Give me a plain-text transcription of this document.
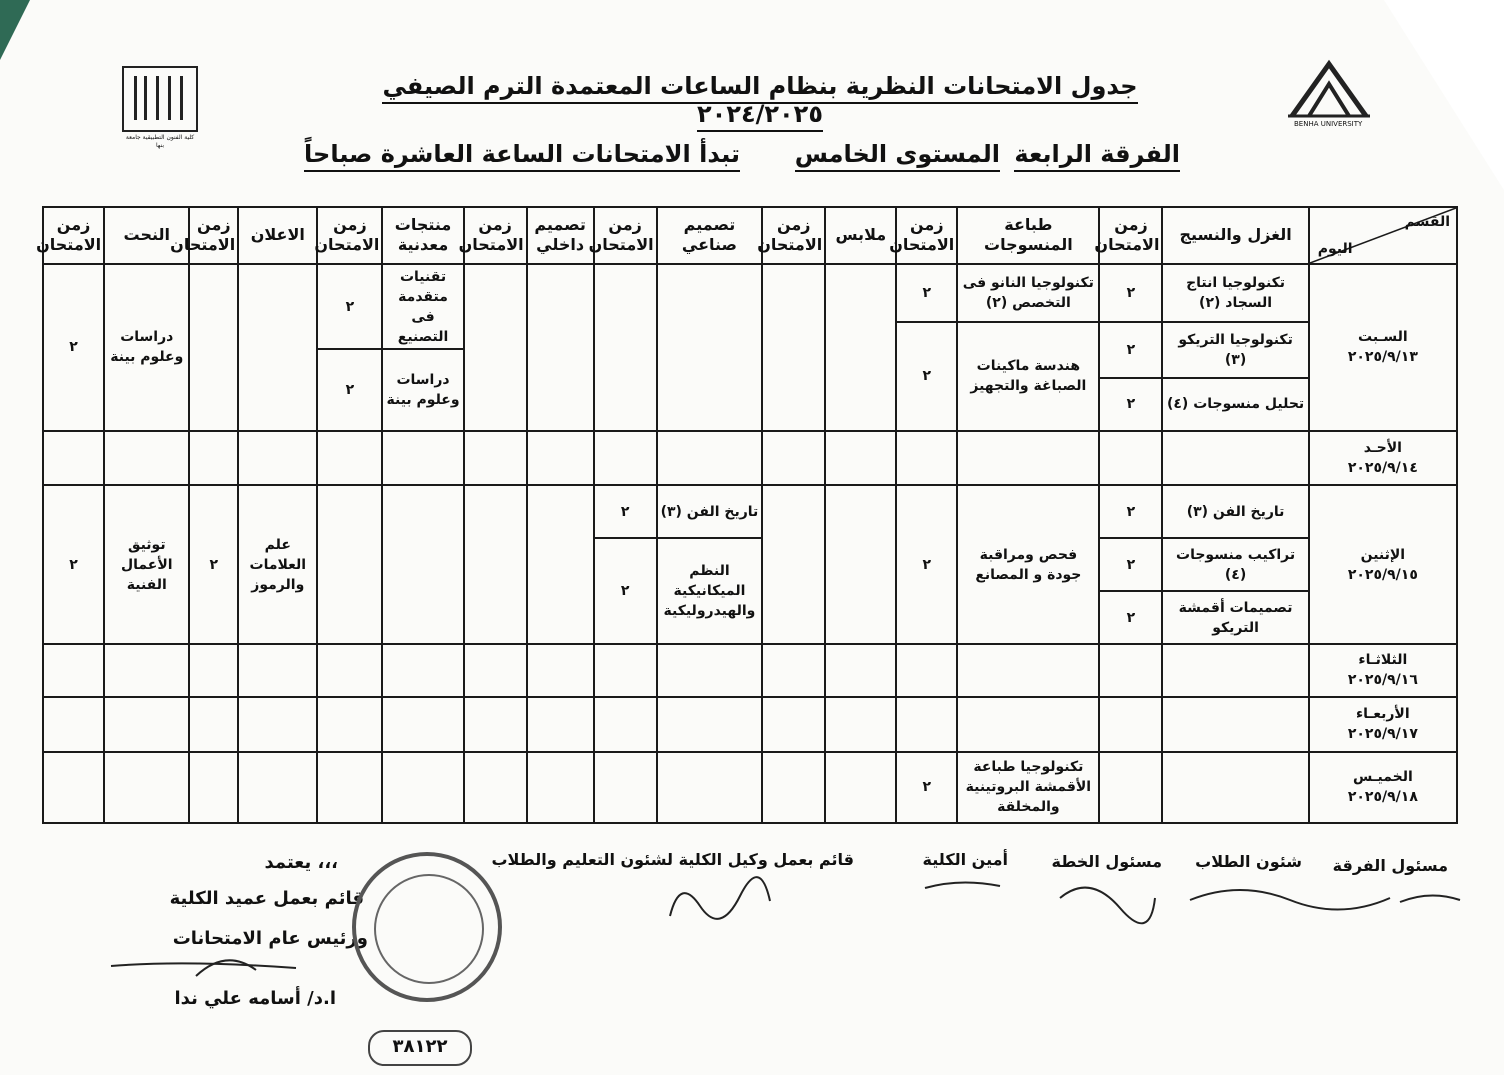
كلية الفنون التطبيقية جامعة بنها
BENHA UNIVERSITY
جدول الامتحانات النظرية بنظام الساعات المعتمدة الترم الصيفي ٢٠٢٤/٢٠٢٥
الفرقة الرابعة
المستوى الخامس
تبدأ الامتحانات الساعة العاشرة صباحاً
القسم
اليوم	الغزل والنسيج	زمن الامتحان	طباعة المنسوجات	زمن الامتحان	ملابس	زمن الامتحان	تصميم صناعي	زمن الامتحان	تصميم داخلي	زمن الامتحان	منتجات معدنية	زمن الامتحان	الاعلان	زمن الامتحان	النحت	زمن الامتحان

السـبت
٢٠٢٥/٩/١٣	تكنولوجيا انتاج السجاد (٢)	٢	تكنولوجيا النانو فى التخصص (٢)	٢							تقنيات متقدمة فى التصنيع	٢			دراسات وعلوم بينة	٢

	تكنولوجيا التريكو (٣)	٢	هندسة ماكينات الصباغة والتجهيز	٢												
											دراسات وعلوم بينة	٢				
	تحليل منسوجات (٤)	٢														

الأحـد
٢٠٢٥/٩/١٤																

الإثنين
٢٠٢٥/٩/١٥	تاريخ الفن (٣)	٢	فحص ومراقبة جودة و المصانع	٢			تاريخ الفن (٣)	٢					علم العلامات والرموز	٢	توثيق الأعمال الفنية	٢
	تراكيب منسوجات (٤)	٢					النظم الميكانيكية والهيدروليكية	٢								
	تصميمات أقمشة التريكو	٢														

الثلاثـاء
٢٠٢٥/٩/١٦																

الأربعـاء
٢٠٢٥/٩/١٧																

الخميـس
٢٠٢٥/٩/١٨			تكنولوجيا طباعة الأقمشة البروتينية والمخلقة	٢												
مسئول الفرقة
شئون الطلاب
مسئول الخطة
أمين الكلية
قائم بعمل وكيل الكلية لشئون التعليم والطلاب
يعتمد ،،،
قائم بعمل عميد الكلية
ورئيس عام الامتحانات
ا.د/ أسامه علي ندا
٣٨١٢٢
